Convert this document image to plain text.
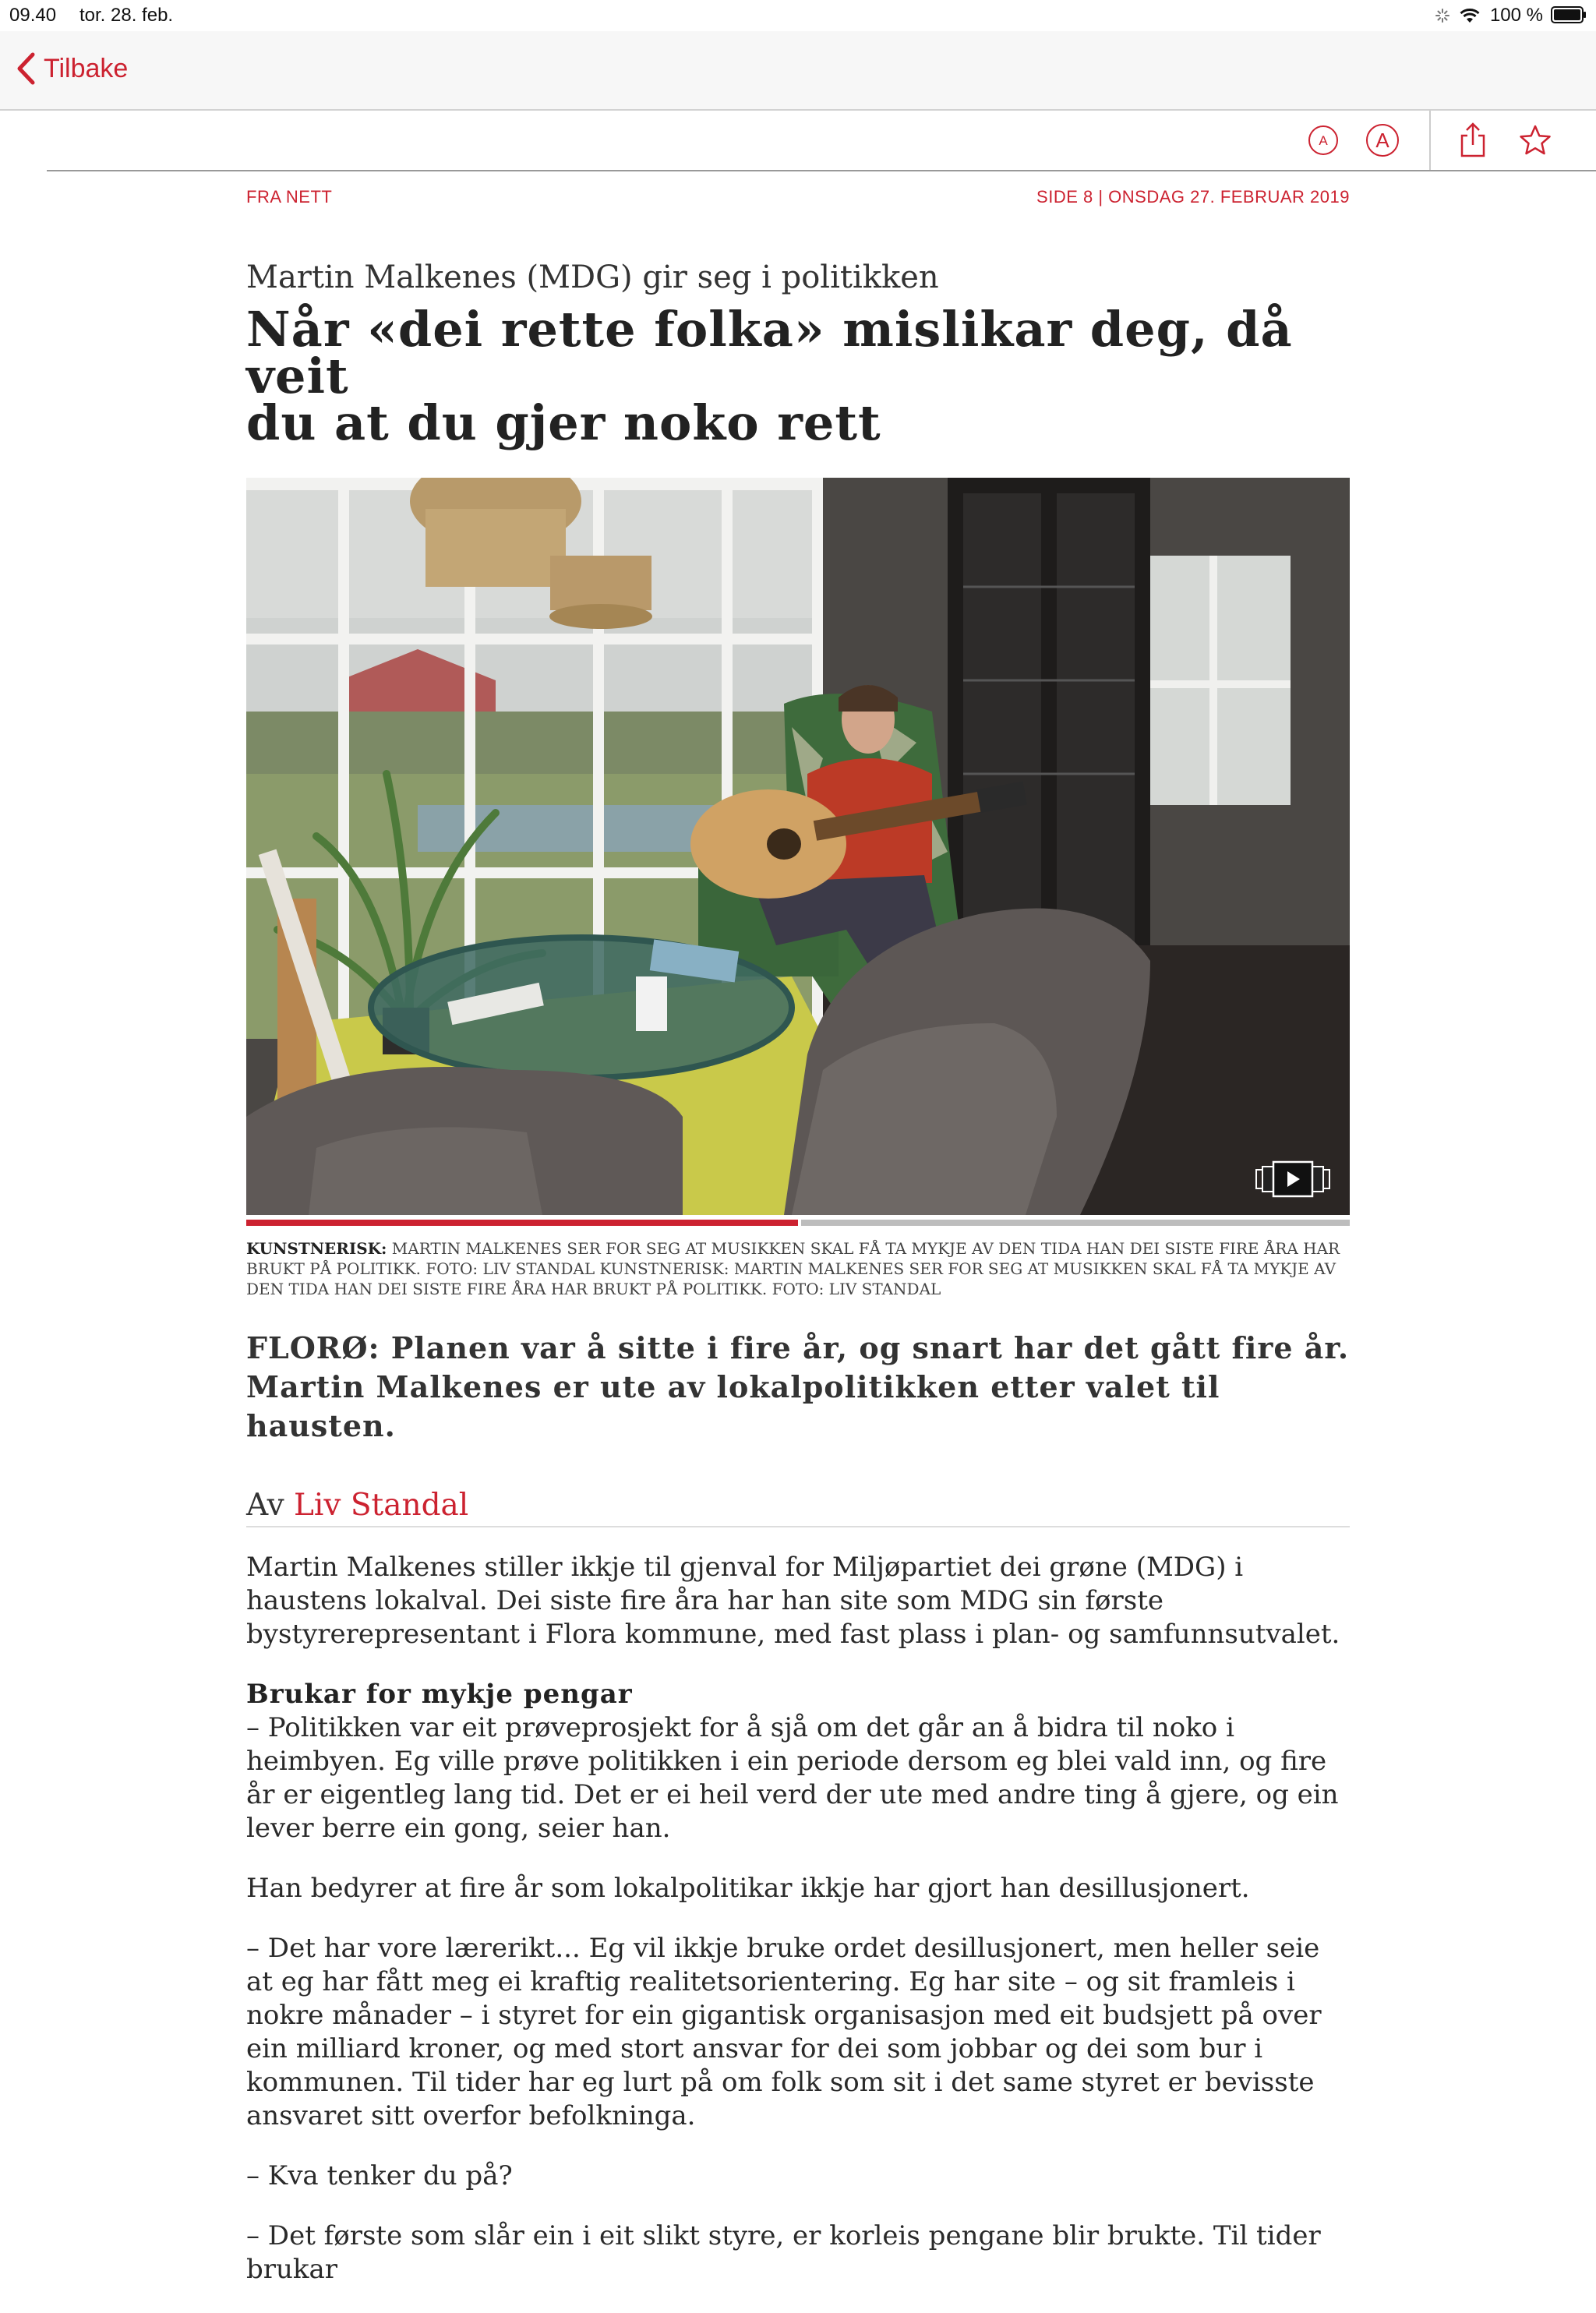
09.40 tor. 28. feb.	100 %
Tilbake
A A
FRA NETT	SIDE 8 | ONSDAG 27. FEBRUAR 2019
Martin Malkenes (MDG) gir seg i politikken
Når «dei rette folka» mislikar deg, då veit
du at du gjer noko rett
KUNSTNERISK: MARTIN MALKENES SER FOR SEG AT MUSIKKEN SKAL FÅ TA MYKJE AV DEN TIDA HAN DEI SISTE FIRE ÅRA HAR BRUKT PÅ POLITIKK. FOTO: LIV STANDAL KUNSTNERISK: MARTIN MALKENES SER FOR SEG AT MUSIKKEN SKAL FÅ TA MYKJE AV DEN TIDA HAN DEI SISTE FIRE ÅRA HAR BRUKT PÅ POLITIKK. FOTO: LIV STANDAL
FLORØ: Planen var å sitte i fire år, og snart har det gått fire år. Martin Malkenes er ute av lokalpolitikken etter valet til hausten.
Av Liv Standal

Martin Malkenes stiller ikkje til gjenval for Miljøpartiet dei grøne (MDG) i haustens lokalval. Dei siste fire åra har han site som MDG sin første bystyrerepresentant i Flora kommune, med fast plass i plan- og samfunnsutvalet.

Brukar for mykje pengar

– Politikken var eit prøveprosjekt for å sjå om det går an å bidra til noko i heimbyen. Eg ville prøve politikken i ein periode dersom eg blei vald inn, og fire år er eigentleg lang tid. Det er ei heil verd der ute med andre ting å gjere, og ein lever berre ein gong, seier han.

Han bedyrer at fire år som lokalpolitikar ikkje har gjort han desillusjonert.

– Det har vore lærerikt... Eg vil ikkje bruke ordet desillusjonert, men heller seie at eg har fått meg ei kraftig realitetsorientering. Eg har site – og sit framleis i nokre månader – i styret for ein gigantisk organisasjon med eit budsjett på over ein milliard kroner, og med stort ansvar for dei som jobbar og dei som bur i kommunen. Til tider har eg lurt på om folk som sit i det same styret er bevisste ansvaret sitt overfor befolkninga.

– Kva tenker du på?

– Det første som slår ein i eit slikt styre, er korleis pengane blir brukte. Til tider brukar
